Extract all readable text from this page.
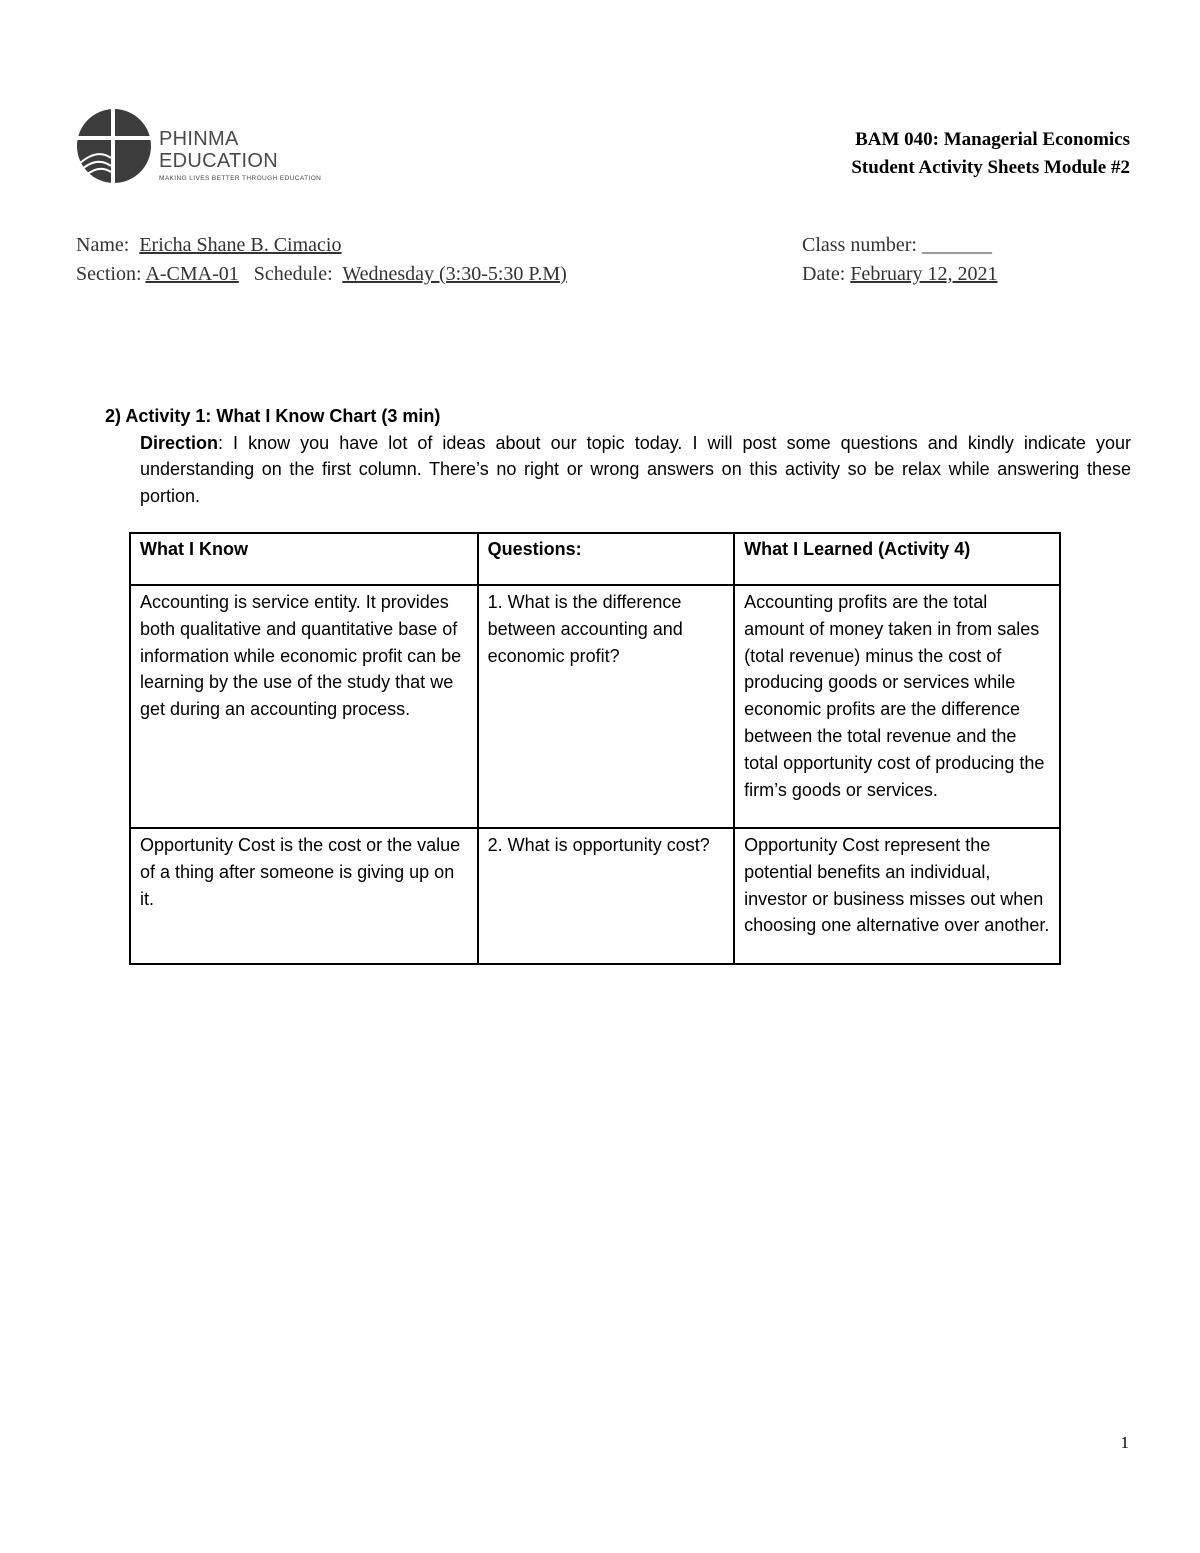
PHINMA EDUCATION
MAKING LIVES BETTER THROUGH EDUCATION
BAM 040: Managerial Economics
Student Activity Sheets Module #2
Name: Ericha Shane B. Cimacio
Section: A-CMA-01 Schedule: Wednesday (3:30-5:30 P.M)
Class number: _______
Date: February 12, 2021
2) Activity 1: What I Know Chart (3 min)
Direction: I know you have lot of ideas about our topic today. I will post some questions and kindly indicate your understanding on the first column. There’s no right or wrong answers on this activity so be relax while answering these portion.
What I Know	Questions:	What I Learned (Activity 4)
Accounting is service entity. It provides both qualitative and quantitative base of information while economic profit can be learning by the use of the study that we get during an accounting process.	1. What is the difference between accounting and economic profit?	Accounting profits are the total amount of money taken in from sales (total revenue) minus the cost of producing goods or services while economic profits are the difference between the total revenue and the total opportunity cost of producing the firm’s goods or services.
Opportunity Cost is the cost or the value of a thing after someone is giving up on it.	2. What is opportunity cost?	Opportunity Cost represent the potential benefits an individual, investor or business misses out when choosing one alternative over another.
1
